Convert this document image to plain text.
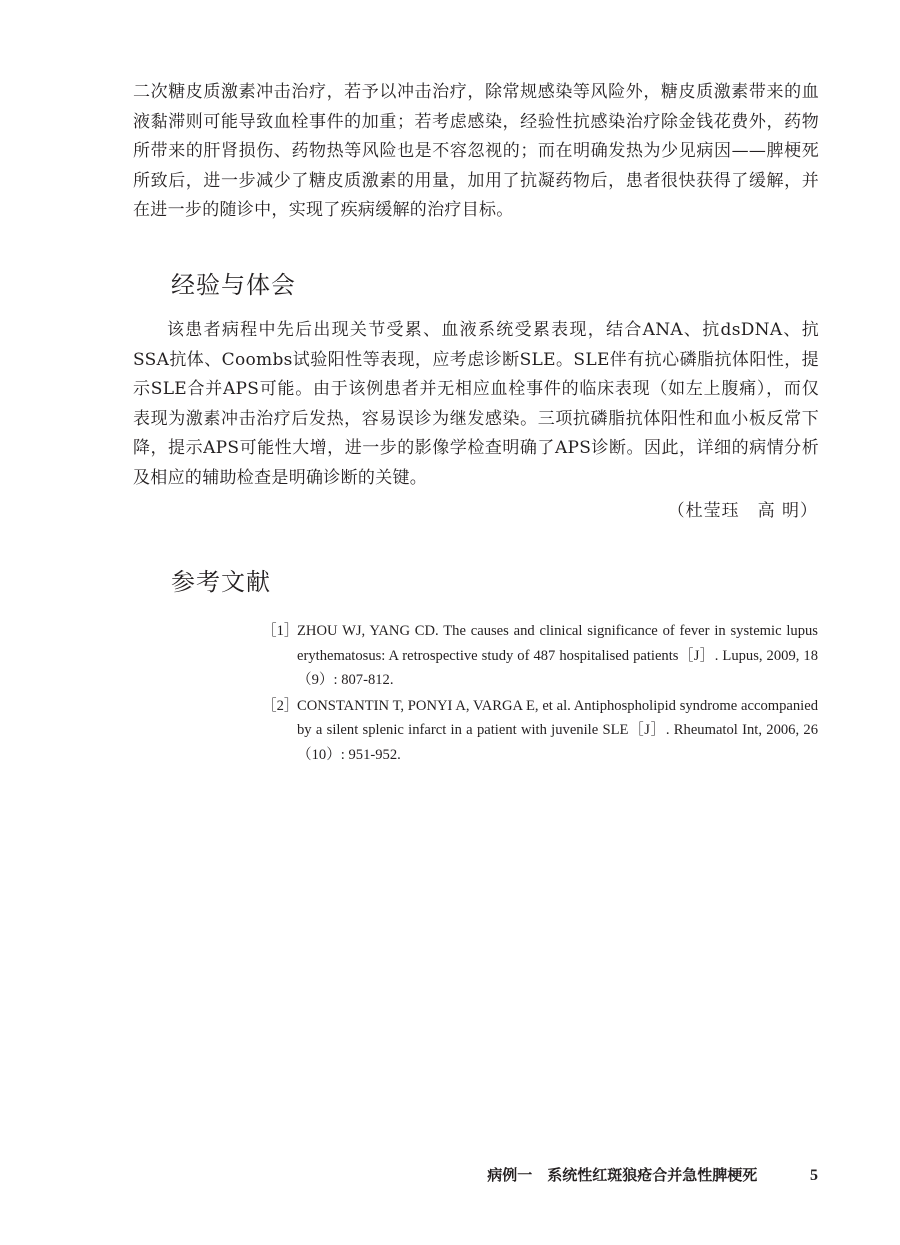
二次糖皮质激素冲击治疗，若予以冲击治疗，除常规感染等风险外，糖皮质激素带来的血液黏滞则可能导致血栓事件的加重；若考虑感染，经验性抗感染治疗除金钱花费外，药物所带来的肝肾损伤、药物热等风险也是不容忽视的；而在明确发热为少见病因——脾梗死所致后，进一步减少了糖皮质激素的用量，加用了抗凝药物后，患者很快获得了缓解，并在进一步的随诊中，实现了疾病缓解的治疗目标。

经验与体会

该患者病程中先后出现关节受累、血液系统受累表现，结合ANA、抗dsDNA、抗SSA抗体、Coombs试验阳性等表现，应考虑诊断SLE。SLE伴有抗心磷脂抗体阳性，提示SLE合并APS可能。由于该例患者并无相应血栓事件的临床表现（如左上腹痛），而仅表现为激素冲击治疗后发热，容易误诊为继发感染。三项抗磷脂抗体阳性和血小板反常下降，提示APS可能性大增，进一步的影像学检查明确了APS诊断。因此，详细的病情分析及相应的辅助检查是明确诊断的关键。

（杜莹珏　高 明）

参考文献
［1］
ZHOU WJ, YANG CD. The causes and clinical significance of fever in systemic lupus erythematosus: A retrospective study of 487 hospitalised patients［J］. Lupus, 2009, 18（9）: 807-812.
［2］
CONSTANTIN T, PONYI A, VARGA E, et al. Antiphospholipid syndrome accompanied by a silent splenic infarct in a patient with juvenile SLE［J］. Rheumatol Int, 2006, 26（10）: 951-952.
病例一　系统性红斑狼疮合并急性脾梗死	5
